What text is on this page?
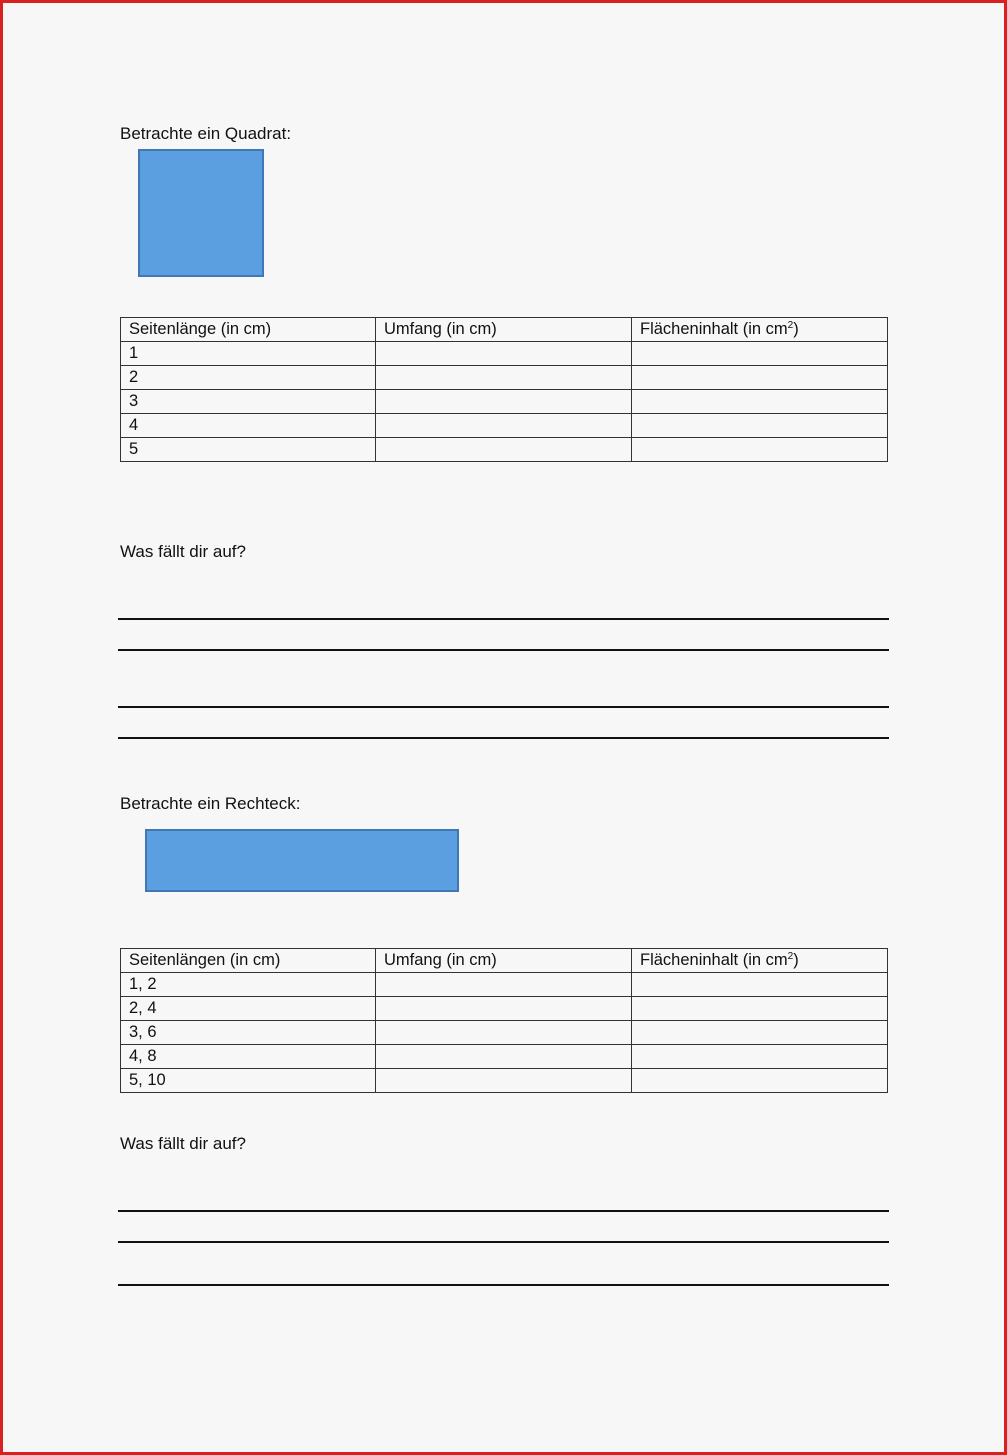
Betrachte ein Quadrat:
Seitenlänge (in cm)	Umfang (in cm)	Flächeninhalt (in $cm^2$)
1		
2		
3		
4		
5		
Was fällt dir auf?
Betrachte ein Rechteck:
Seitenlängen (in cm)	Umfang (in cm)	Flächeninhalt (in $cm^2$)
1, 2		
2, 4		
3, 6		
4, 8		
5, 10		
Was fällt dir auf?
